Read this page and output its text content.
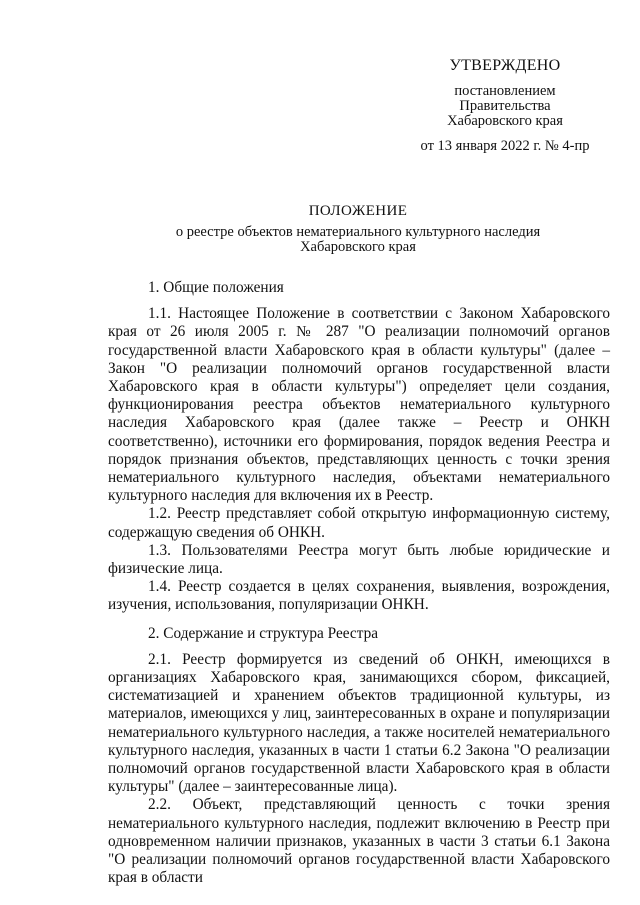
УТВЕРЖДЕНО
постановлением
Правительства
Хабаровского края
от 13 января 2022 г. № 4-пр
ПОЛОЖЕНИЕ
о реестре объектов нематериального культурного наследия
Хабаровского края
1. Общие положения

1.1. Настоящее Положение в соответствии с Законом Хабаровского края от 26 июля 2005 г. № 287 "О реализации полномочий органов государственной власти Хабаровского края в области культуры" (далее – Закон "О реализации полномочий органов государственной власти Хабаровского края в области культуры") определяет цели создания, функционирования реестра объектов нематериального культурного наследия Хабаровского края (далее также – Реестр и ОНКН соответственно), источники его формирования, порядок ведения Реестра и порядок признания объектов, представляющих ценность с точки зрения нематериального культурного наследия, объектами нематериального культурного наследия для включения их в Реестр.

1.2. Реестр представляет собой открытую информационную систему, содержащую сведения об ОНКН.

1.3. Пользователями Реестра могут быть любые юридические и физические лица.

1.4. Реестр создается в целях сохранения, выявления, возрождения, изучения, использования, популяризации ОНКН.

2. Содержание и структура Реестра

2.1. Реестр формируется из сведений об ОНКН, имеющихся в организациях Хабаровского края, занимающихся сбором, фиксацией, систематизацией и хранением объектов традиционной культуры, из материалов, имеющихся у лиц, заинтересованных в охране и популяризации нематериального культурного наследия, а также носителей нематериального культурного наследия, указанных в части 1 статьи 6.2 Закона "О реализации полномочий органов государственной власти Хабаровского края в области культуры" (далее – заинтересованные лица).

2.2. Объект, представляющий ценность с точки зрения нематериального культурного наследия, подлежит включению в Реестр при одновременном наличии признаков, указанных в части 3 статьи 6.1 Закона "О реализации полномочий органов государственной власти Хабаровского края в области
